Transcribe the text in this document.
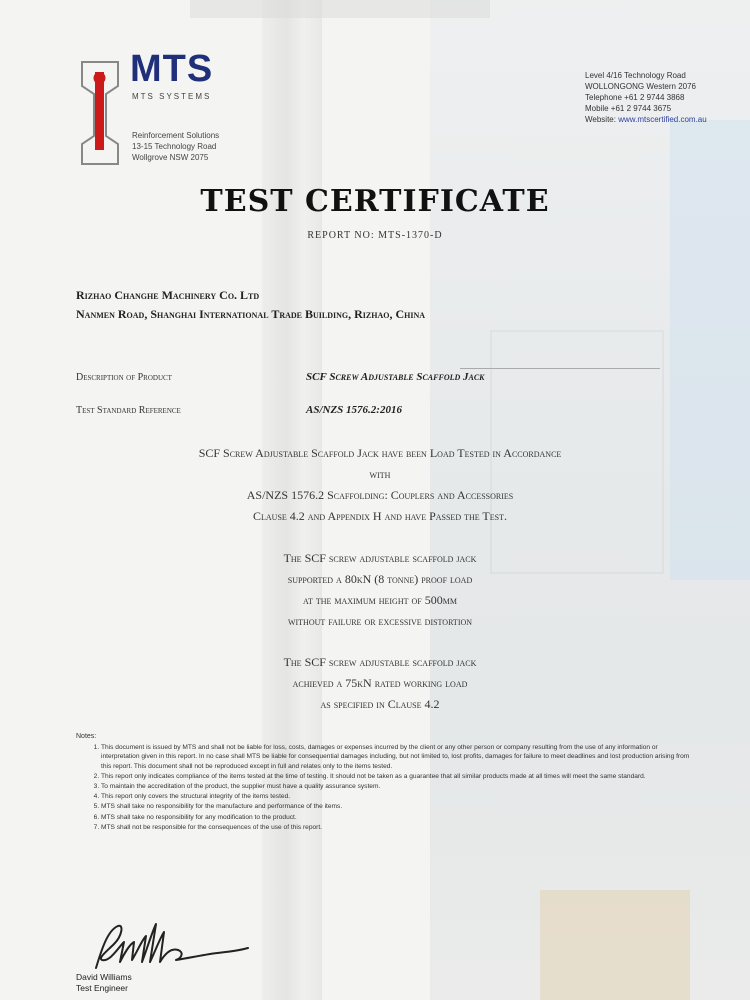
MTS
MTS SYSTEMS
Reinforcement Solutions
13-15 Technology Road
Wollgrove NSW 2075
Level 4/16 Technology Road
WOLLONGONG Western 2076
Telephone +61 2 9744 3868
Mobile +61 2 9744 3675
Website: www.mtscertified.com.au
TEST CERTIFICATE
REPORT NO: MTS-1370-D
Rizhao Changhe Machinery Co. Ltd
Nanmen Road, Shanghai International Trade Building, Rizhao, China
Description of Product	SCF Screw Adjustable Scaffold Jack
Test Standard Reference	AS/NZS 1576.2:2016
SCF Screw Adjustable Scaffold Jack have been Load Tested in Accordance
with
AS/NZS 1576.2 Scaffolding: Couplers and Accessories
Clause 4.2 and Appendix H and have Passed the Test.
The SCF screw adjustable scaffold jack
supported a 80kN (8 tonne) proof load
at the maximum height of 500mm
without failure or excessive distortion
The SCF screw adjustable scaffold jack
achieved a 75kN rated working load
as specified in Clause 4.2
Notes:
1. This document is issued by MTS and shall not be liable for loss, costs, damages or expenses incurred by the client or any other person or company resulting from the use of any information or interpretation given in this report. In no case shall MTS be liable for consequential damages including, but not limited to, lost profits, damages for failure to meet deadlines and lost production arising from this report. This document shall not be reproduced except in full and relates only to the items tested.
2. This report only indicates compliance of the items tested at the time of testing. It should not be taken as a guarantee that all similar products made at all times will meet the same standard.
3. To maintain the accreditation of the product, the supplier must have a quality assurance system.
4. This report only covers the structural integrity of the items tested.
5. MTS shall take no responsibility for the manufacture and performance of the items.
6. MTS shall take no responsibility for any modification to the product.
7. MTS shall not be responsible for the consequences of the use of this report.
David Williams
Test Engineer
